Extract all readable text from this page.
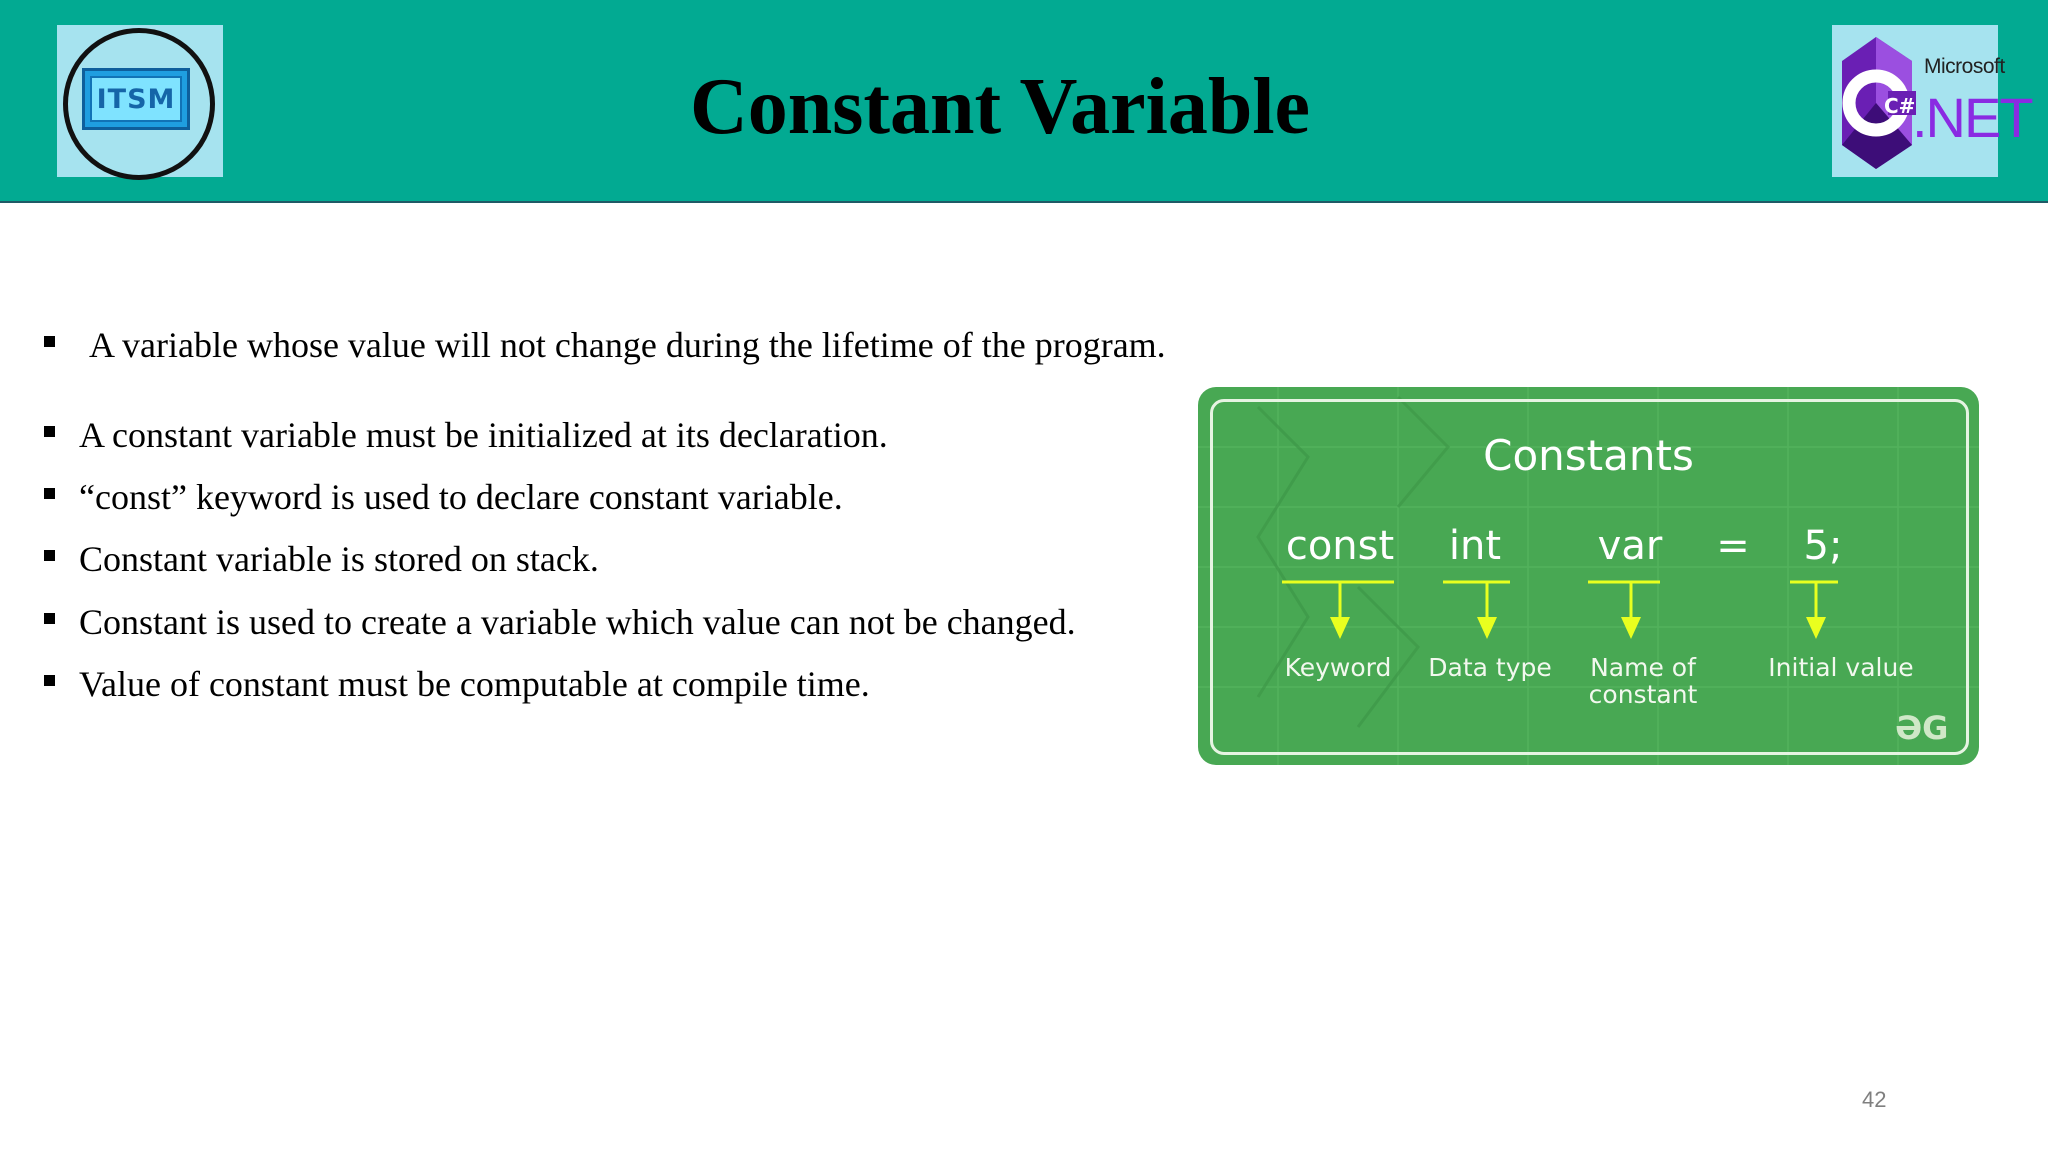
ITSM	Constant Variable	C#
Microsoft
.NET
A variable whose value will not change during the lifetime of the program.
A constant variable must be initialized at its declaration.
“const” keyword is used to declare constant variable.
Constant variable is stored on stack.
Constant is used to create a variable which value can not be changed.
Value of constant must be computable at compile time.
Constants
const int var = 5;
Keyword	Data type Name of
constant
Initial value
ƏG
42
